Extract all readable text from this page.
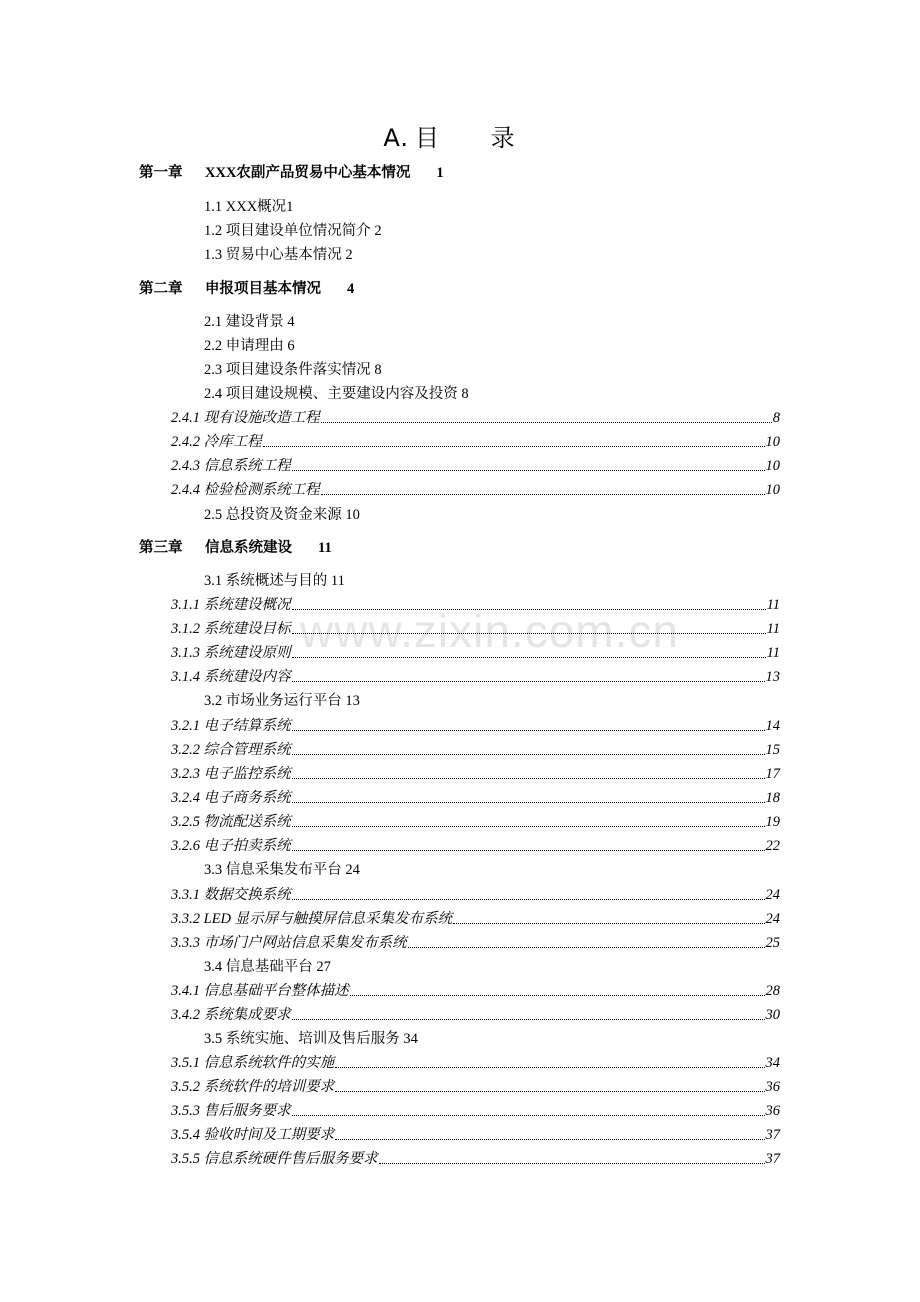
A. 目 录
第一章 XXX农副产品贸易中心基本情况 1
1.1 XXX概况1
1.2 项目建设单位情况简介 2
1.3 贸易中心基本情况 2
第二章 申报项目基本情况 4
2.1 建设背景 4
2.2 申请理由 6
2.3 项目建设条件落实情况 8
2.4 项目建设规模、主要建设内容及投资 8
2.4.1 现有设施改造工程	8
2.4.2 冷库工程	10
2.4.3 信息系统工程	10
2.4.4 检验检测系统工程	10
2.5 总投资及资金来源 10
第三章 信息系统建设 11
3.1 系统概述与目的 11
3.1.1 系统建设概况	11
3.1.2 系统建设目标	11
3.1.3 系统建设原则	11
3.1.4 系统建设内容	13
3.2 市场业务运行平台 13
3.2.1 电子结算系统	14
3.2.2 综合管理系统	15
3.2.3 电子监控系统	17
3.2.4 电子商务系统	18
3.2.5 物流配送系统	19
3.2.6 电子拍卖系统	22
3.3 信息采集发布平台 24
3.3.1 数据交换系统	24
3.3.2 LED 显示屏与触摸屏信息采集发布系统	24
3.3.3 市场门户网站信息采集发布系统	25
3.4 信息基础平台 27
3.4.1 信息基础平台整体描述	28
3.4.2 系统集成要求	30
3.5 系统实施、培训及售后服务 34
3.5.1 信息系统软件的实施	34
3.5.2 系统软件的培训要求	36
3.5.3 售后服务要求	36
3.5.4 验收时间及工期要求	37
3.5.5 信息系统硬件售后服务要求	37
www.zixin.com.cn
